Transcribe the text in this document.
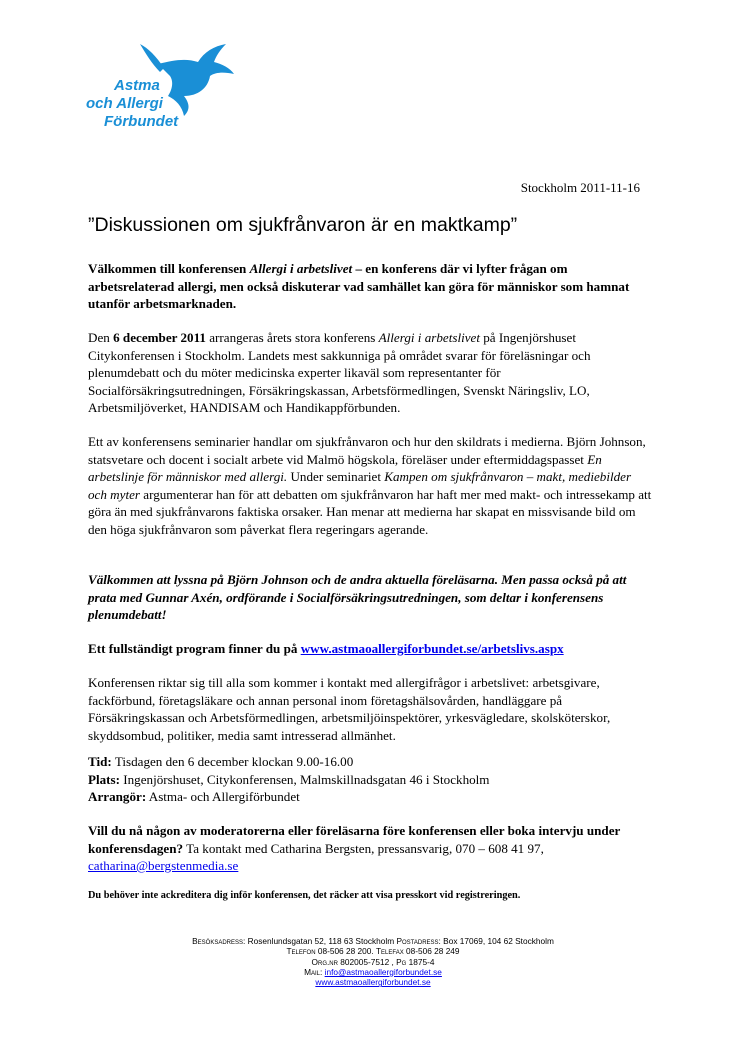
Astma
och Allergi
Förbundet
Stockholm 2011-11-16
”Diskussionen om sjukfrånvaron är en maktkamp”

Välkommen till konferensen Allergi i arbetslivet – en konferens där vi lyfter frågan om arbetsrelaterad allergi, men också diskuterar vad samhället kan göra för människor som hamnat utanför arbetsmarknaden.

Den 6 december 2011 arrangeras årets stora konferens Allergi i arbetslivet på Ingenjörshuset Citykonferensen i Stockholm. Landets mest sakkunniga på området svarar för föreläsningar och plenumdebatt och du möter medicinska experter likaväl som representanter för Socialförsäkringsutredningen, Försäkringskassan, Arbetsförmedlingen, Svenskt Näringsliv, LO, Arbetsmiljöverket, HANDISAM och Handikappförbunden.

Ett av konferensens seminarier handlar om sjukfrånvaron och hur den skildrats i medierna. Björn Johnson, statsvetare och docent i socialt arbete vid Malmö högskola, föreläser under eftermiddagspasset En arbetslinje för människor med allergi. Under seminariet Kampen om sjukfrånvaron – makt, mediebilder och myter argumenterar han för att debatten om sjukfrånvaron har haft mer med makt- och intressekamp att göra än med sjukfrånvarons faktiska orsaker. Han menar att medierna har skapat en missvisande bild om den höga sjukfrånvaron som påverkat flera regeringars agerande.

Välkommen att lyssna på Björn Johnson och de andra aktuella föreläsarna. Men passa också på att prata med Gunnar Axén, ordförande i Socialförsäkringsutredningen, som deltar i konferensens plenumdebatt!

Ett fullständigt program finner du på www.astmaoallergiforbundet.se/arbetslivs.aspx

Konferensen riktar sig till alla som kommer i kontakt med allergifrågor i arbetslivet: arbetsgivare, fackförbund, företagsläkare och annan personal inom företagshälsovården, handläggare på Försäkringskassan och Arbetsförmedlingen, arbetsmiljöinspektörer, yrkesvägledare, skolsköterskor, skyddsombud, politiker, media samt intresserad allmänhet.

Tid: Tisdagen den 6 december klockan 9.00-16.00
Plats: Ingenjörshuset, Citykonferensen, Malmskillnadsgatan 46 i Stockholm
Arrangör: Astma- och Allergiförbundet

Vill du nå någon av moderatorerna eller föreläsarna före konferensen eller boka intervju under konferensdagen? Ta kontakt med Catharina Bergsten, pressansvarig, 070 – 608 41 97, catharina@bergstenmedia.se

Du behöver inte ackreditera dig inför konferensen, det räcker att visa presskort vid registreringen.
Besöksadress: Rosenlundsgatan 52, 118 63 Stockholm Postadress: Box 17069, 104 62 Stockholm
Telefon 08-506 28 200. Telefax 08-506 28 249
Org.nr 802005-7512 , Pg 1875-4
Mail: info@astmaoallergiforbundet.se
www.astmaoallergiforbundet.se
